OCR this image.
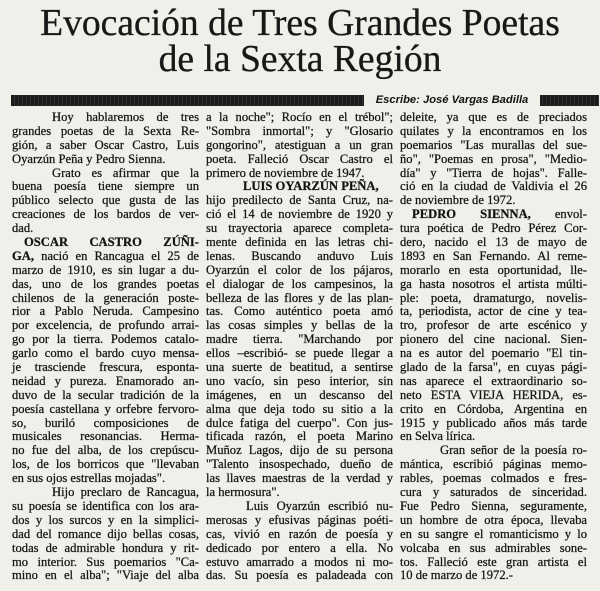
Evocación de Tres Grandes Poetas
de la Sexta Región
Escribe: José Vargas Badilla
Hoy hablaremos de tres
grandes poetas de la Sexta Re-
gión, a saber Oscar Castro, Luis
Oyarzún Peña y Pedro Sienna.
Grato es afirmar que la
buena poesía tiene siempre un
público selecto que gusta de las
creaciones de los bardos de ver-
dad.
OSCAR CASTRO ZÚÑI-
GA, nació en Rancagua el 25 de
marzo de 1910, es sin lugar a du-
das, uno de los grandes poetas
chilenos de la generación poste-
rior a Pablo Neruda. Campesino
por excelencia, de profundo arrai-
go por la tierra. Podemos catalo-
garlo como el bardo cuyo mensa-
je trasciende frescura, esponta-
neidad y pureza. Enamorado an-
duvo de la secular tradición de la
poesía castellana y orfebre fervoro-
so, buriló composiciones de
musicales resonancias. Herma-
no fue del alba, de los crepúscu-
los, de los borricos que "llevaban
en sus ojos estrellas mojadas".
Hijo preclaro de Rancagua,
su poesía se identifica con los ara-
dos y los surcos y en la simplici-
dad del romance dijo bellas cosas,
todas de admirable hondura y rit-
mo interior. Sus poemarios "Ca-
mino en el alba"; "Viaje del alba
a la noche"; Rocío en el trébol";
"Sombra inmortal"; y "Glosario
gongorino", atestiguan a un gran
poeta. Falleció Oscar Castro el
primero de noviembre de 1947.
LUIS OYARZÚN PEÑA,
hijo predilecto de Santa Cruz, na-
ció el 14 de noviembre de 1920 y
su trayectoria aparece completa-
mente definida en las letras chi-
lenas. Buscando anduvo Luis
Oyarzún el color de los pájaros,
el dialogar de los campesinos, la
belleza de las flores y de las plan-
tas. Como auténtico poeta amó
las cosas simples y bellas de la
madre tierra. "Marchando por
ellos –escribió- se puede llegar a
una suerte de beatitud, a sentirse
uno vacío, sin peso interior, sin
imágenes, en un descanso del
alma que deja todo su sitio a la
dulce fatiga del cuerpo". Con jus-
tificada razón, el poeta Marino
Muñoz Lagos, dijo de su persona
"Talento insospechado, dueño de
las llaves maestras de la verdad y
la hermosura".
Luis Oyarzún escribió nu-
merosas y efusivas páginas poéti-
cas, vivió en razón de poesía y
dedicado por entero a ella. No
estuvo amarrado a modos ni mo-
das. Su poesía es paladeada con
deleite, ya que es de preciados
quilates y la encontramos en los
poemarios "Las murallas del sue-
ño", "Poemas en prosa", "Medio-
día" y "Tierra de hojas". Falle-
ció en la ciudad de Valdivia el 26
de noviembre de 1972.
PEDRO SIENNA, envol-
tura poética de Pedro Pérez Cor-
dero, nacido el 13 de mayo de
1893 en San Fernando. Al reme-
morarlo en esta oportunidad, lle-
ga hasta nosotros el artista múlti-
ple: poeta, dramaturgo, novelis-
ta, periodista, actor de cine y tea-
tro, profesor de arte escénico y
pionero del cine nacional. Sien-
na es autor del poemario "El tin-
glado de la farsa", en cuyas pági-
nas aparece el extraordinario so-
neto ESTA VIEJA HERIDA, es-
crito en Córdoba, Argentina en
1915 y publicado años más tarde
en Selva lírica.
Gran señor de la poesía ro-
mántica, escribió páginas memo-
rables, poemas colmados e fres-
cura y saturados de sinceridad.
Fue Pedro Sienna, seguramente,
un hombre de otra época, llevaba
en su sangre el romanticismo y lo
volcaba en sus admirables sone-
tos. Falleció este gran artista el
10 de marzo de 1972.-
